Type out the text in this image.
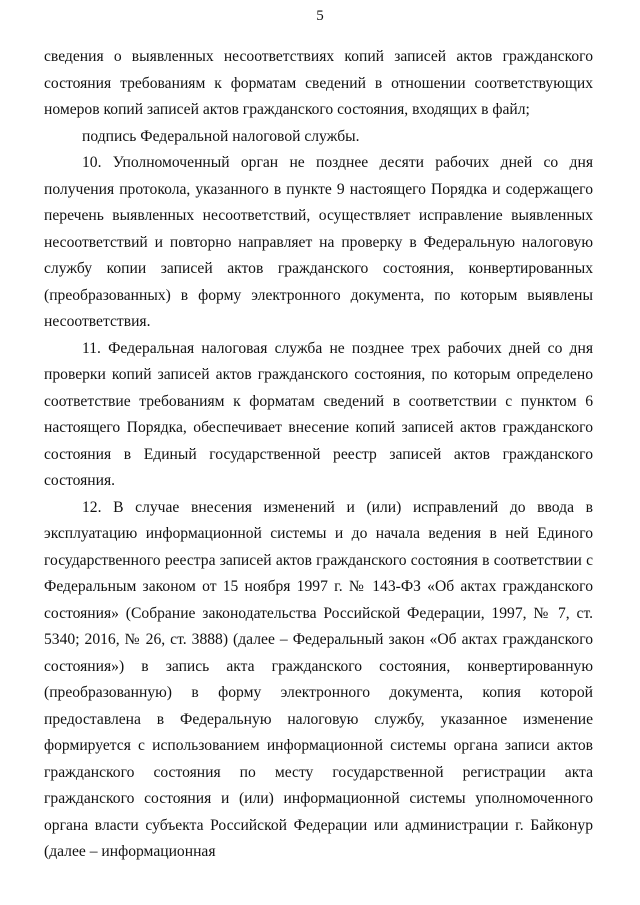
5

сведения о выявленных несоответствиях копий записей актов гражданского состояния требованиям к форматам сведений в отношении соответствующих номеров копий записей актов гражданского состояния, входящих в файл;

подпись Федеральной налоговой службы.

10. Уполномоченный орган не позднее десяти рабочих дней со дня получения протокола, указанного в пункте 9 настоящего Порядка и содержащего перечень выявленных несоответствий, осуществляет исправление выявленных несоответствий и повторно направляет на проверку в Федеральную налоговую службу копии записей актов гражданского состояния, конвертированных (преобразованных) в форму электронного документа, по которым выявлены несоответствия.

11. Федеральная налоговая служба не позднее трех рабочих дней со дня проверки копий записей актов гражданского состояния, по которым определено соответствие требованиям к форматам сведений в соответствии с пунктом 6 настоящего Порядка, обеспечивает внесение копий записей актов гражданского состояния в Единый государственной реестр записей актов гражданского состояния.

12. В случае внесения изменений и (или) исправлений до ввода в эксплуатацию информационной системы и до начала ведения в ней Единого государственного реестра записей актов гражданского состояния в соответствии с Федеральным законом от 15 ноября 1997 г. № 143-ФЗ «Об актах гражданского состояния» (Собрание законодательства Российской Федерации, 1997, № 7, ст. 5340; 2016, № 26, ст. 3888) (далее – Федеральный закон «Об актах гражданского состояния») в запись акта гражданского состояния, конвертированную (преобразованную) в форму электронного документа, копия которой предоставлена в Федеральную налоговую службу, указанное изменение формируется с использованием информационной системы органа записи актов гражданского состояния по месту государственной регистрации акта гражданского состояния и (или) информационной системы уполномоченного органа власти субъекта Российской Федерации или администрации г. Байконур (далее – информационная
